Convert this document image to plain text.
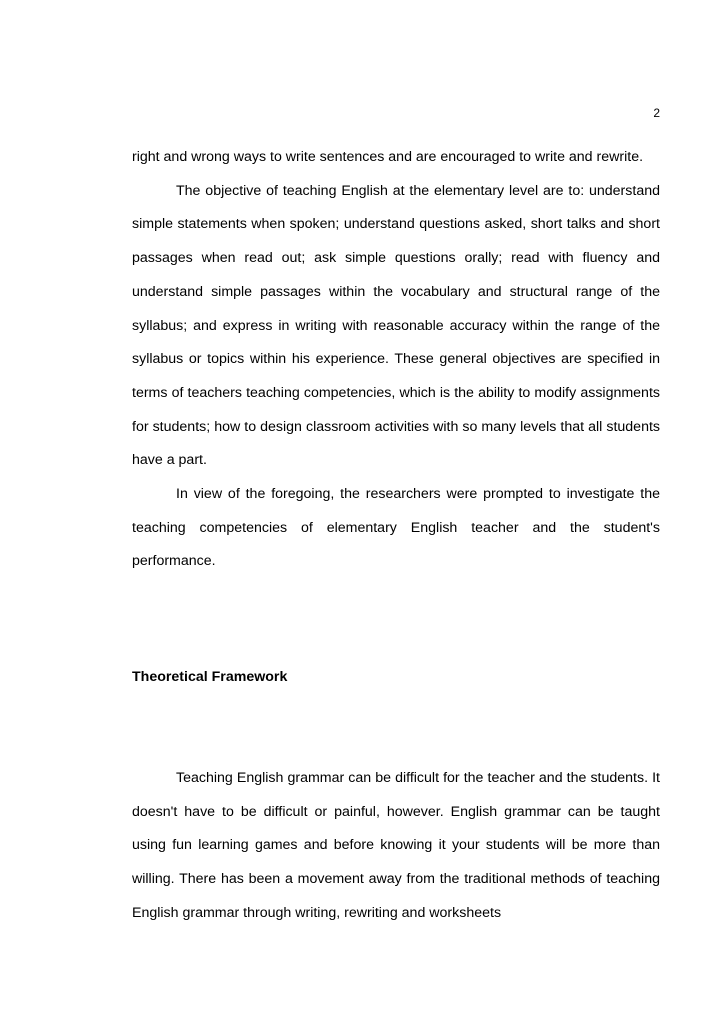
2

right and wrong ways to write sentences and are encouraged to write and rewrite.

The objective of teaching English at the elementary level are to: understand simple statements when spoken; understand questions asked, short talks and short passages when read out; ask simple questions orally; read with fluency and understand simple passages within the vocabulary and structural range of the syllabus; and express in writing with reasonable accuracy within the range of the syllabus or topics within his experience. These general objectives are specified in terms of teachers teaching competencies, which is the ability to modify assignments for students; how to design classroom activities with so many levels that all students have a part.

In view of the foregoing, the researchers were prompted to investigate the teaching competencies of elementary English teacher and the student's performance.

Theoretical Framework

Teaching English grammar can be difficult for the teacher and the students. It doesn't have to be difficult or painful, however. English grammar can be taught using fun learning games and before knowing it your students will be more than willing. There has been a movement away from the traditional methods of teaching English grammar through writing, rewriting and worksheets
